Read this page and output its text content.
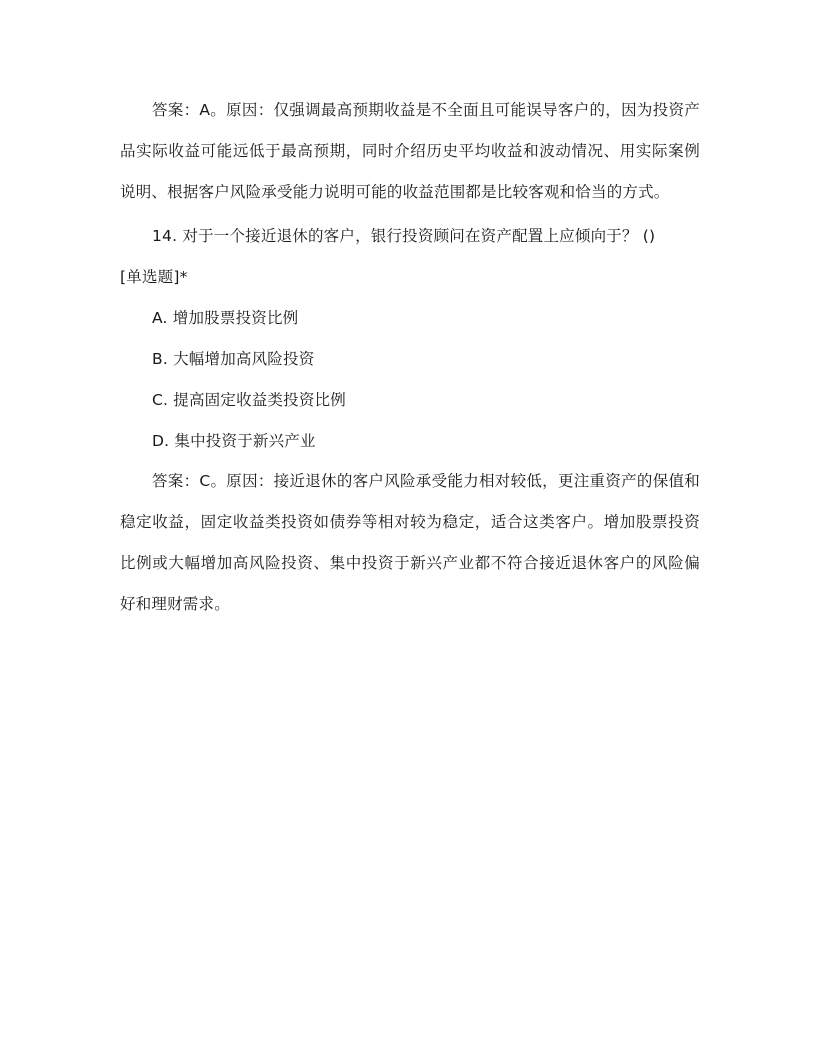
答案：A。原因：仅强调最高预期收益是不全面且可能误导客户的，因为投资产品实际收益可能远低于最高预期，同时介绍历史平均收益和波动情况、用实际案例说明、根据客户风险承受能力说明可能的收益范围都是比较客观和恰当的方式。

14. 对于一个接近退休的客户，银行投资顾问在资产配置上应倾向于？ ()

[单选题]*

A. 增加股票投资比例

B. 大幅增加高风险投资

C. 提高固定收益类投资比例

D. 集中投资于新兴产业

答案：C。原因：接近退休的客户风险承受能力相对较低，更注重资产的保值和稳定收益，固定收益类投资如债券等相对较为稳定，适合这类客户。增加股票投资比例或大幅增加高风险投资、集中投资于新兴产业都不符合接近退休客户的风险偏好和理财需求。
